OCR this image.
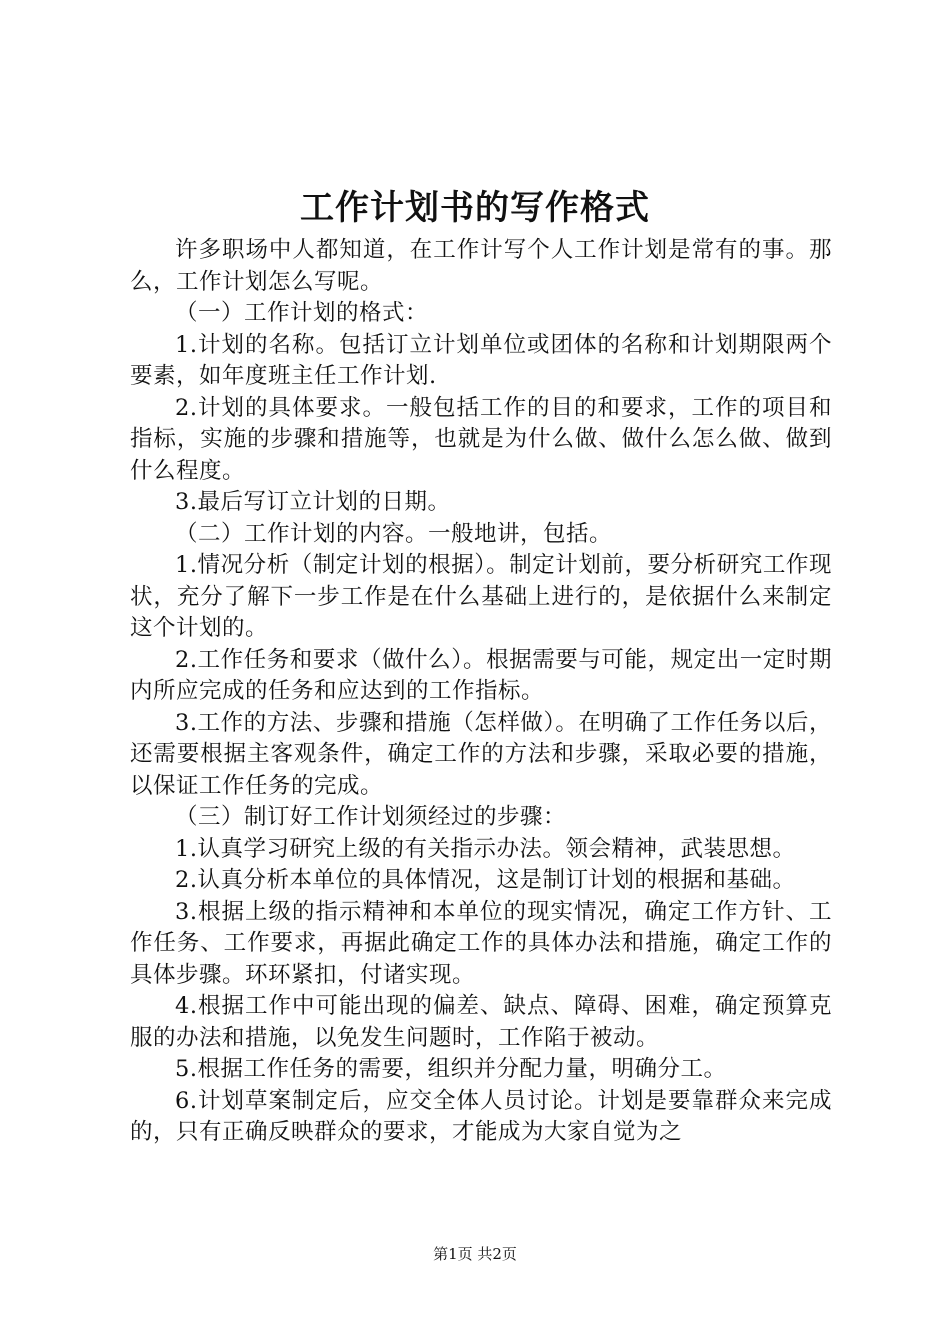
工作计划书的写作格式

许多职场中人都知道，在工作计写个人工作计划是常有的事。那么，工作计划怎么写呢。

（一）工作计划的格式：

1.计划的名称。包括订立计划单位或团体的名称和计划期限两个要素，如年度班主任工作计划.

2.计划的具体要求。一般包括工作的目的和要求，工作的项目和指标，实施的步骤和措施等，也就是为什么做、做什么怎么做、做到什么程度。

3.最后写订立计划的日期。

（二）工作计划的内容。一般地讲，包括。

1.情况分析（制定计划的根据）。制定计划前，要分析研究工作现状，充分了解下一步工作是在什么基础上进行的，是依据什么来制定这个计划的。

2.工作任务和要求（做什么）。根据需要与可能，规定出一定时期内所应完成的任务和应达到的工作指标。

3.工作的方法、步骤和措施（怎样做）。在明确了工作任务以后，还需要根据主客观条件，确定工作的方法和步骤，采取必要的措施，以保证工作任务的完成。

（三）制订好工作计划须经过的步骤：

1.认真学习研究上级的有关指示办法。领会精神，武装思想。

2.认真分析本单位的具体情况，这是制订计划的根据和基础。

3.根据上级的指示精神和本单位的现实情况，确定工作方针、工作任务、工作要求，再据此确定工作的具体办法和措施，确定工作的具体步骤。环环紧扣，付诸实现。

4.根据工作中可能出现的偏差、缺点、障碍、困难，确定预算克服的办法和措施，以免发生问题时，工作陷于被动。

5.根据工作任务的需要，组织并分配力量，明确分工。

6.计划草案制定后，应交全体人员讨论。计划是要靠群众来完成的，只有正确反映群众的要求，才能成为大家自觉为之

第1页 共2页
